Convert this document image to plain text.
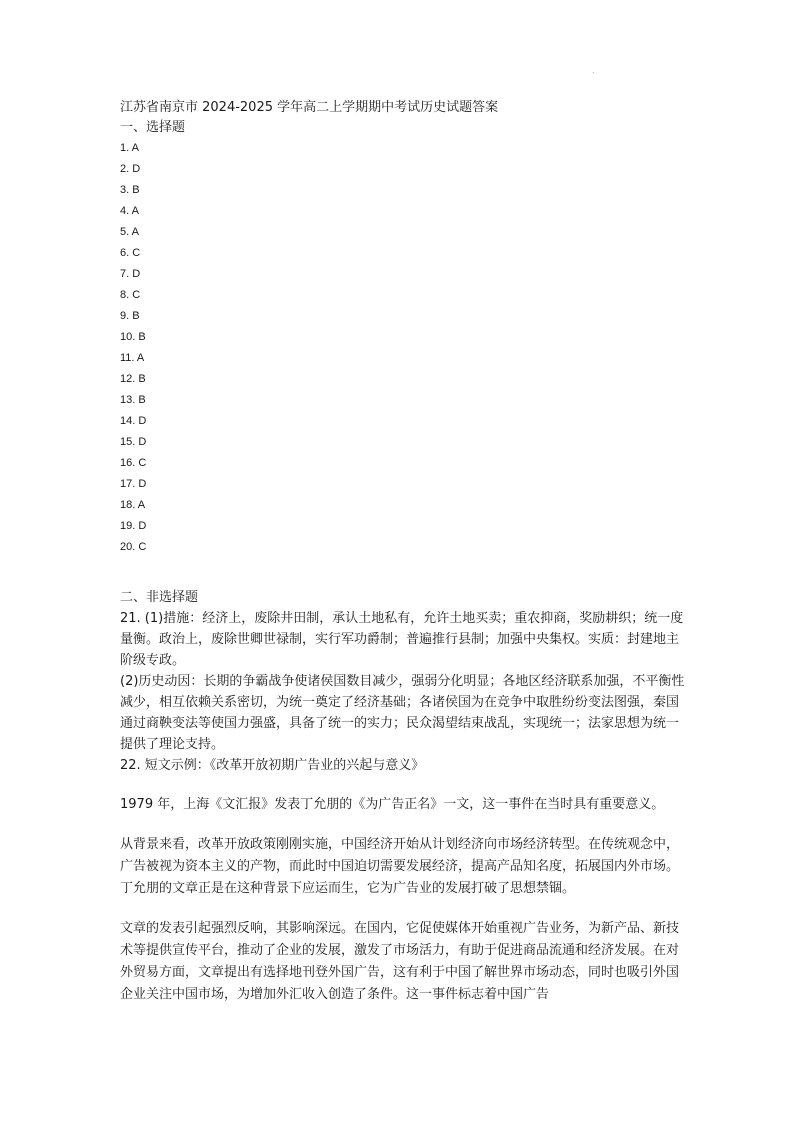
.
江苏省南京市 2024-2025 学年高二上学期期中考试历史试题答案
一、选择题
1. A
2. D
3. B
4. A
5. A
6. C
7. D
8. C
9. B
10. B
11. A
12. B
13. B
14. D
15. D
16. C
17. D
18. A
19. D
20. C
二、非选择题

21. (1)措施：经济上，废除井田制，承认土地私有，允许土地买卖；重农抑商，奖励耕织；统一度量衡。政治上，废除世卿世禄制，实行军功爵制；普遍推行县制；加强中央集权。实质：封建地主阶级专政。

(2)历史动因：长期的争霸战争使诸侯国数目减少，强弱分化明显；各地区经济联系加强，不平衡性减少，相互依赖关系密切，为统一奠定了经济基础；各诸侯国为在竞争中取胜纷纷变法图强，秦国通过商鞅变法等使国力强盛，具备了统一的实力；民众渴望结束战乱，实现统一；法家思想为统一提供了理论支持。

22. 短文示例：《改革开放初期广告业的兴起与意义》

1979 年，上海《文汇报》发表丁允朋的《为广告正名》一文，这一事件在当时具有重要意义。

从背景来看，改革开放政策刚刚实施，中国经济开始从计划经济向市场经济转型。在传统观念中，广告被视为资本主义的产物，而此时中国迫切需要发展经济，提高产品知名度，拓展国内外市场。丁允朋的文章正是在这种背景下应运而生，它为广告业的发展打破了思想禁锢。

文章的发表引起强烈反响，其影响深远。在国内，它促使媒体开始重视广告业务，为新产品、新技术等提供宣传平台，推动了企业的发展，激发了市场活力，有助于促进商品流通和经济发展。在对外贸易方面，文章提出有选择地刊登外国广告，这有利于中国了解世界市场动态，同时也吸引外国企业关注中国市场，为增加外汇收入创造了条件。这一事件标志着中国广告
